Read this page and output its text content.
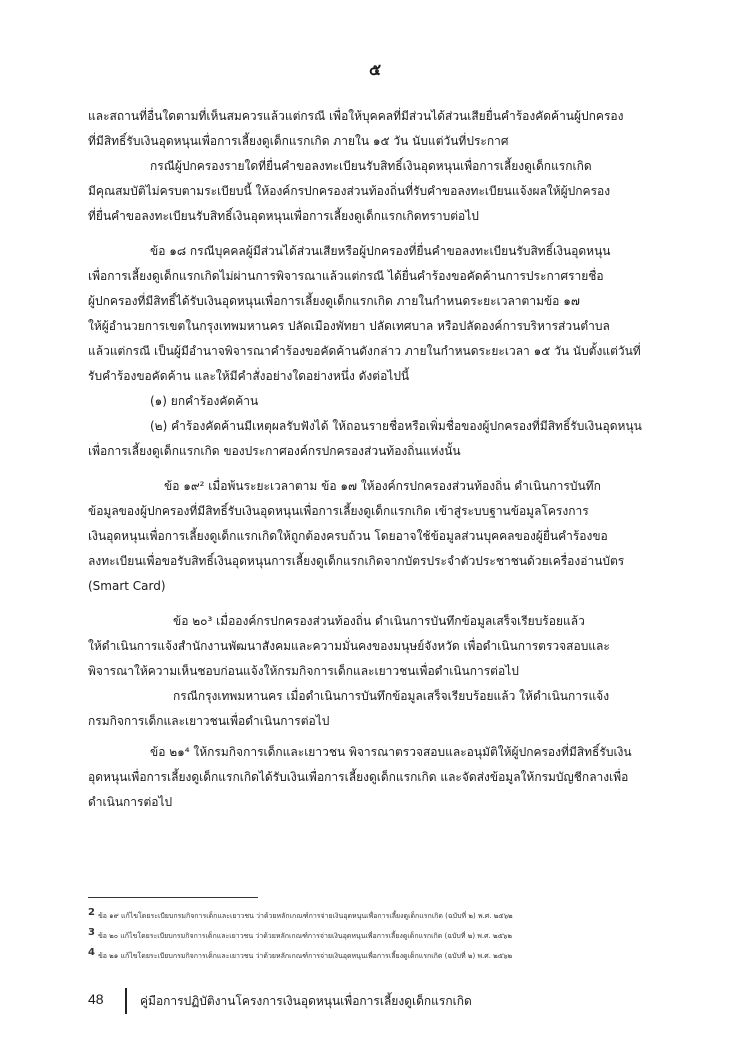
๕
และสถานที่อื่นใดตามที่เห็นสมควรแล้วแต่กรณี เพื่อให้บุคคลที่มีส่วนได้ส่วนเสียยื่นคำร้องคัดค้านผู้ปกครอง
ที่มีสิทธิ์รับเงินอุดหนุนเพื่อการเลี้ยงดูเด็กแรกเกิด ภายใน ๑๕ วัน นับแต่วันที่ประกาศ
กรณีผู้ปกครองรายใดที่ยื่นคำขอลงทะเบียนรับสิทธิ์เงินอุดหนุนเพื่อการเลี้ยงดูเด็กแรกเกิด
มีคุณสมบัติไม่ครบตามระเบียบนี้ ให้องค์กรปกครองส่วนท้องถิ่นที่รับคำขอลงทะเบียนแจ้งผลให้ผู้ปกครอง
ที่ยื่นคำขอลงทะเบียนรับสิทธิ์เงินอุดหนุนเพื่อการเลี้ยงดูเด็กแรกเกิดทราบต่อไป
ข้อ ๑๘ กรณีบุคคลผู้มีส่วนได้ส่วนเสียหรือผู้ปกครองที่ยื่นคำขอลงทะเบียนรับสิทธิ์เงินอุดหนุน
เพื่อการเลี้ยงดูเด็กแรกเกิดไม่ผ่านการพิจารณาแล้วแต่กรณี ได้ยื่นคำร้องขอคัดค้านการประกาศรายชื่อ
ผู้ปกครองที่มีสิทธิ์ได้รับเงินอุดหนุนเพื่อการเลี้ยงดูเด็กแรกเกิด ภายในกำหนดระยะเวลาตามข้อ ๑๗
ให้ผู้อำนวยการเขตในกรุงเทพมหานคร ปลัดเมืองพัทยา ปลัดเทศบาล หรือปลัดองค์การบริหารส่วนตำบล
แล้วแต่กรณี เป็นผู้มีอำนาจพิจารณาคำร้องขอคัดค้านดังกล่าว ภายในกำหนดระยะเวลา ๑๕ วัน นับตั้งแต่วันที่
รับคำร้องขอคัดค้าน และให้มีคำสั่งอย่างใดอย่างหนึ่ง ดังต่อไปนี้
(๑) ยกคำร้องคัดค้าน
(๒) คำร้องคัดค้านมีเหตุผลรับฟังได้ ให้ถอนรายชื่อหรือเพิ่มชื่อของผู้ปกครองที่มีสิทธิ์รับเงินอุดหนุน
เพื่อการเลี้ยงดูเด็กแรกเกิด ของประกาศองค์กรปกครองส่วนท้องถิ่นแห่งนั้น
ข้อ ๑๙² เมื่อพ้นระยะเวลาตาม ข้อ ๑๗ ให้องค์กรปกครองส่วนท้องถิ่น ดำเนินการบันทึก
ข้อมูลของผู้ปกครองที่มีสิทธิ์รับเงินอุดหนุนเพื่อการเลี้ยงดูเด็กแรกเกิด เข้าสู่ระบบฐานข้อมูลโครงการ
เงินอุดหนุนเพื่อการเลี้ยงดูเด็กแรกเกิดให้ถูกต้องครบถ้วน โดยอาจใช้ข้อมูลส่วนบุคคลของผู้ยื่นคำร้องขอ
ลงทะเบียนเพื่อขอรับสิทธิ์เงินอุดหนุนการเลี้ยงดูเด็กแรกเกิดจากบัตรประจำตัวประชาชนด้วยเครื่องอ่านบัตร
(Smart Card)
ข้อ ๒๐³ เมื่อองค์กรปกครองส่วนท้องถิ่น ดำเนินการบันทึกข้อมูลเสร็จเรียบร้อยแล้ว
ให้ดำเนินการแจ้งสำนักงานพัฒนาสังคมและความมั่นคงของมนุษย์จังหวัด เพื่อดำเนินการตรวจสอบและ
พิจารณาให้ความเห็นชอบก่อนแจ้งให้กรมกิจการเด็กและเยาวชนเพื่อดำเนินการต่อไป
กรณีกรุงเทพมหานคร เมื่อดำเนินการบันทึกข้อมูลเสร็จเรียบร้อยแล้ว ให้ดำเนินการแจ้ง
กรมกิจการเด็กและเยาวชนเพื่อดำเนินการต่อไป
ข้อ ๒๑⁴ ให้กรมกิจการเด็กและเยาวชน พิจารณาตรวจสอบและอนุมัติให้ผู้ปกครองที่มีสิทธิ์รับเงิน
อุดหนุนเพื่อการเลี้ยงดูเด็กแรกเกิดได้รับเงินเพื่อการเลี้ยงดูเด็กแรกเกิด และจัดส่งข้อมูลให้กรมบัญชีกลางเพื่อ
ดำเนินการต่อไป
2 ข้อ ๑๙ แก้ไขโดยระเบียบกรมกิจการเด็กและเยาวชน ว่าด้วยหลักเกณฑ์การจ่ายเงินอุดหนุนเพื่อการเลี้ยงดูเด็กแรกเกิด (ฉบับที่ ๒) พ.ศ. ๒๕๖๒
3 ข้อ ๒๐ แก้ไขโดยระเบียบกรมกิจการเด็กและเยาวชน ว่าด้วยหลักเกณฑ์การจ่ายเงินอุดหนุนเพื่อการเลี้ยงดูเด็กแรกเกิด (ฉบับที่ ๒) พ.ศ. ๒๕๖๒
4 ข้อ ๒๑ แก้ไขโดยระเบียบกรมกิจการเด็กและเยาวชน ว่าด้วยหลักเกณฑ์การจ่ายเงินอุดหนุนเพื่อการเลี้ยงดูเด็กแรกเกิด (ฉบับที่ ๒) พ.ศ. ๒๕๖๒
48	คู่มือการปฏิบัติงานโครงการเงินอุดหนุนเพื่อการเลี้ยงดูเด็กแรกเกิด
